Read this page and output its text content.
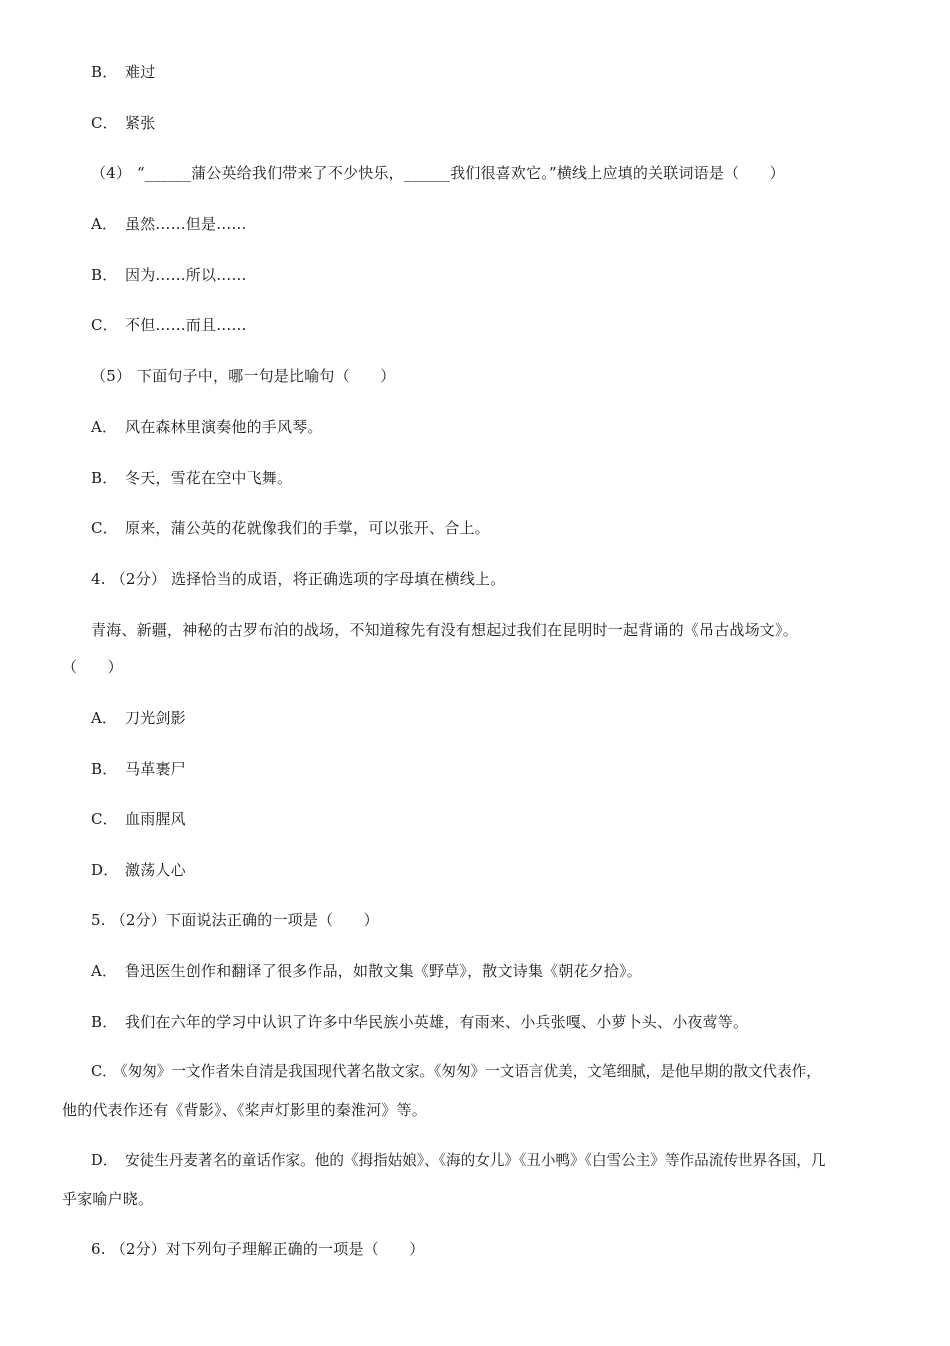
B． 难过
C． 紧张
（4） “______蒲公英给我们带来了不少快乐，______我们很喜欢它。”横线上应填的关联词语是（　　）
A． 虽然……但是……
B． 因为……所以……
C． 不但……而且……
（5） 下面句子中，哪一句是比喻句（　　）
A． 风在森林里演奏他的手风琴。
B． 冬天，雪花在空中飞舞。
C． 原来，蒲公英的花就像我们的手掌，可以张开、合上。
4. （2分） 选择恰当的成语，将正确选项的字母填在横线上。
青海、新疆，神秘的古罗布泊的战场，不知道稼先有没有想起过我们在昆明时一起背诵的《吊古战场文》。
（　　）
A． 刀光剑影
B． 马革裹尸
C． 血雨腥风
D． 激荡人心
5. （2分）下面说法正确的一项是（　　）
A． 鲁迅医生创作和翻译了很多作品，如散文集《野草》，散文诗集《朝花夕拾》。
B． 我们在六年的学习中认识了许多中华民族小英雄，有雨来、小兵张嘎、小萝卜头、小夜莺等。
C．《匆匆》一文作者朱自清是我国现代著名散文家。《匆匆》一文语言优美，文笔细腻，是他早期的散文代表作，
他的代表作还有《背影》、《桨声灯影里的秦淮河》等。
D． 安徒生丹麦著名的童话作家。他的《拇指姑娘》、《海的女儿》《丑小鸭》《白雪公主》等作品流传世界各国，几
乎家喻户晓。
6. （2分）对下列句子理解正确的一项是（　　）
